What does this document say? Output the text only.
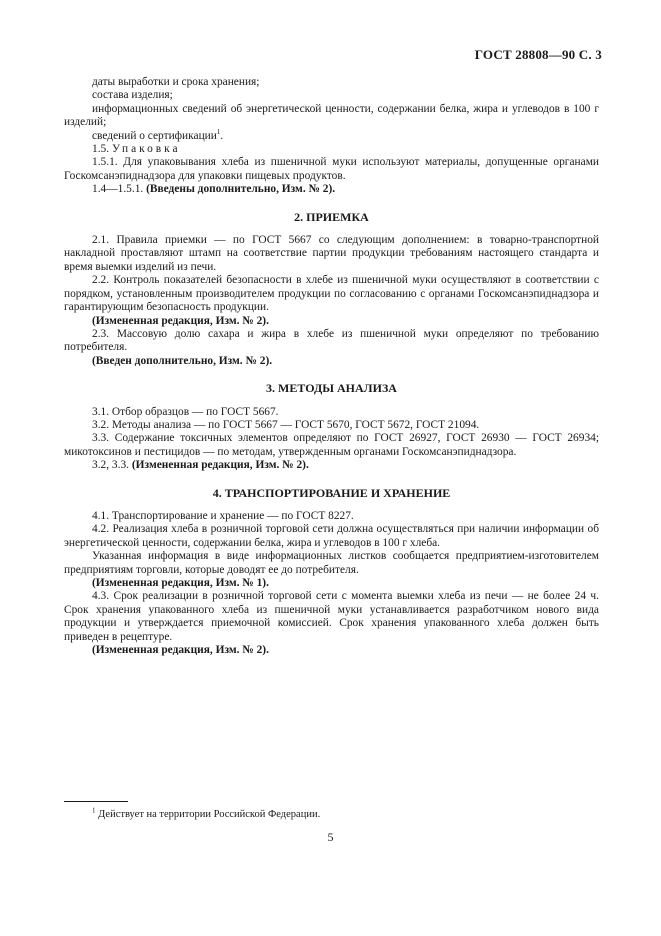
ГОСТ 28808—90 С. 3

даты выработки и срока хранения;

состава изделия;

информационных сведений об энергетической ценности, содержании белка, жира и углеводов в 100 г изделий;

сведений о сертификации$^1$.

1.5. Упаковка

1.5.1. Для упаковывания хлеба из пшеничной муки используют материалы, допущенные органами Госкомсанэпиднадзора для упаковки пищевых продуктов.

1.4—1.5.1. (Введены дополнительно, Изм. № 2).

2. ПРИЕМКА

2.1. Правила приемки — по ГОСТ 5667 со следующим дополнением: в товарно-транспортной накладной проставляют штамп на соответствие партии продукции требованиям настоящего стандарта и время выемки изделий из печи.

2.2. Контроль показателей безопасности в хлебе из пшеничной муки осуществляют в соответствии с порядком, установленным производителем продукции по согласованию с органами Госкомсанэпиднадзора и гарантирующим безопасность продукции.

(Измененная редакция, Изм. № 2).

2.3. Массовую долю сахара и жира в хлебе из пшеничной муки определяют по требованию потребителя.

(Введен дополнительно, Изм. № 2).

3. МЕТОДЫ АНАЛИЗА

3.1. Отбор образцов — по ГОСТ 5667.

3.2. Методы анализа — по ГОСТ 5667 — ГОСТ 5670, ГОСТ 5672, ГОСТ 21094.

3.3. Содержание токсичных элементов определяют по ГОСТ 26927, ГОСТ 26930 — ГОСТ 26934; микотоксинов и пестицидов — по методам, утвержденным органами Госкомсанэпиднадзора.

3.2, 3.3. (Измененная редакция, Изм. № 2).

4. ТРАНСПОРТИРОВАНИЕ И ХРАНЕНИЕ

4.1. Транспортирование и хранение — по ГОСТ 8227.

4.2. Реализация хлеба в розничной торговой сети должна осуществляться при наличии информации об энергетической ценности, содержании белка, жира и углеводов в 100 г хлеба.

Указанная информация в виде информационных листков сообщается предприятием-изготовителем предприятиям торговли, которые доводят ее до потребителя.

(Измененная редакция, Изм. № 1).

4.3. Срок реализации в розничной торговой сети с момента выемки хлеба из печи — не более 24 ч. Срок хранения упакованного хлеба из пшеничной муки устанавливается разработчиком нового вида продукции и утверждается приемочной комиссией. Срок хранения упакованного хлеба должен быть приведен в рецептуре.

(Измененная редакция, Изм. № 2).

$^1$ Действует на территории Российской Федерации.
5
